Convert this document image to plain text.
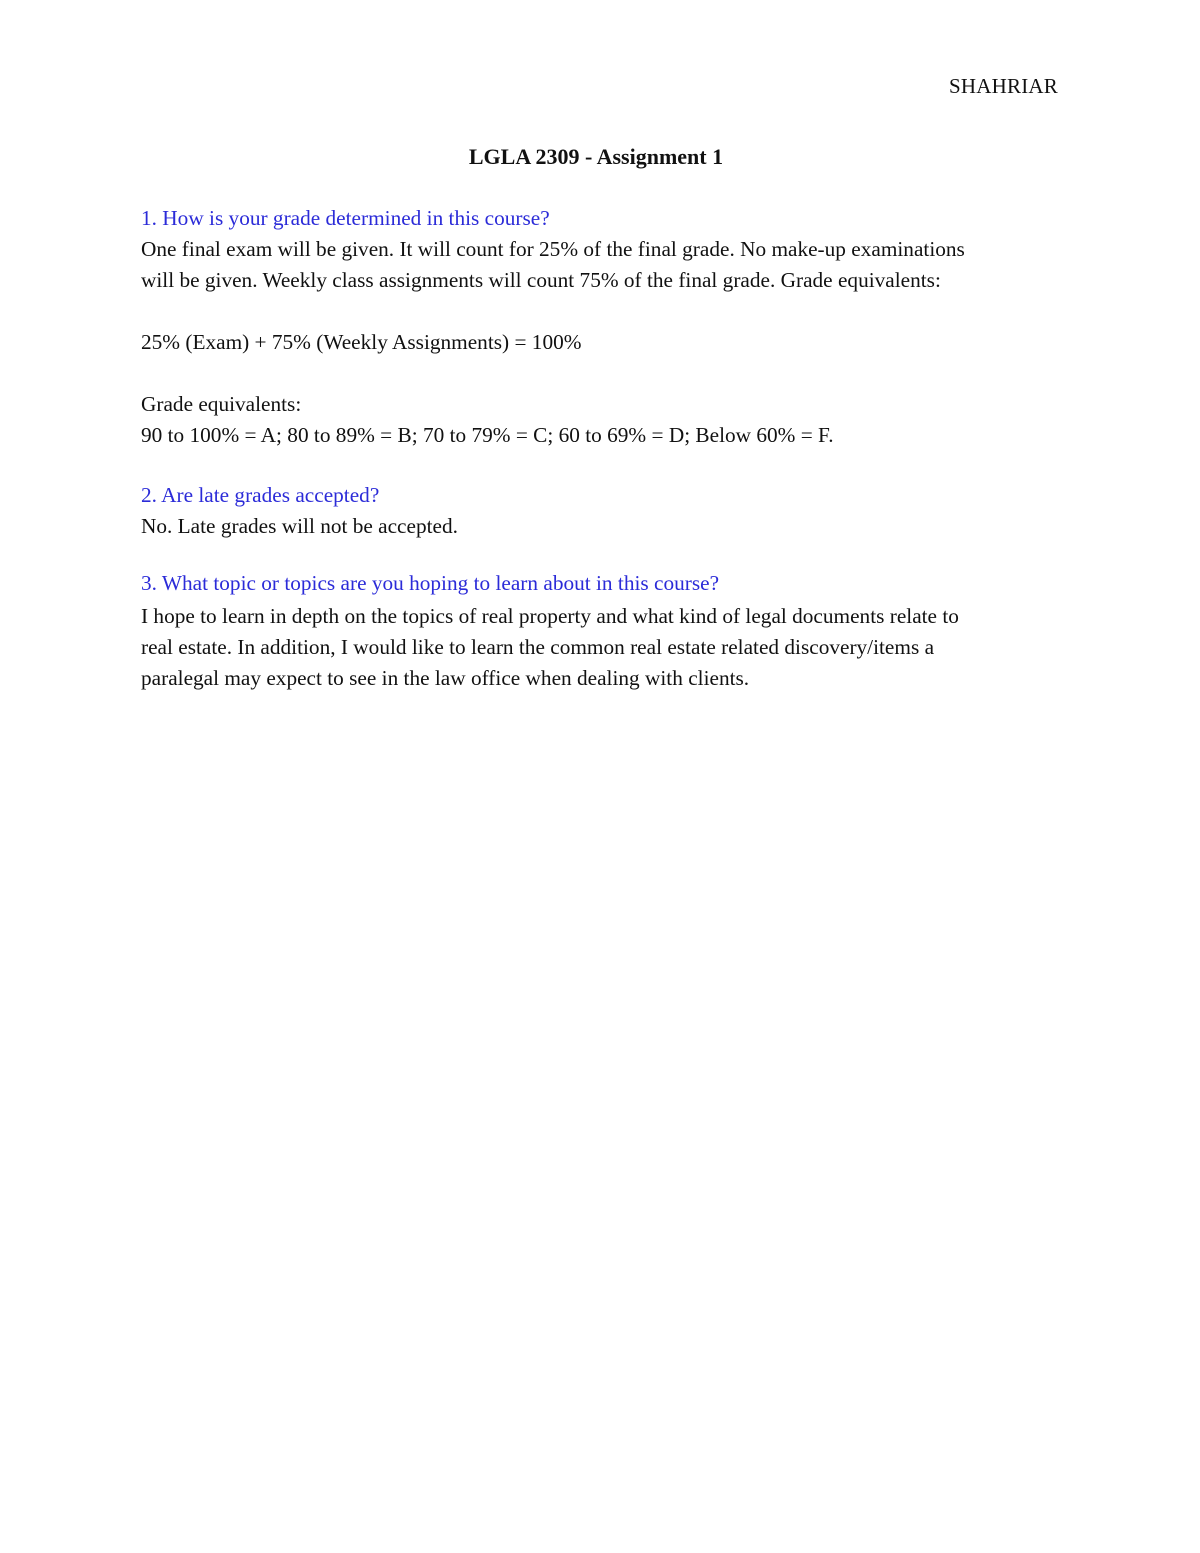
SHAHRIAR
LGLA 2309 - Assignment 1
1. How is your grade determined in this course?
One final exam will be given. It will count for 25% of the final grade. No make-up examinations
will be given. Weekly class assignments will count 75% of the final grade. Grade equivalents:
25% (Exam) + 75% (Weekly Assignments) = 100%
Grade equivalents:
90 to 100% = A; 80 to 89% = B; 70 to 79% = C; 60 to 69% = D; Below 60% = F.
2. Are late grades accepted?
No. Late grades will not be accepted.
3. What topic or topics are you hoping to learn about in this course?
I hope to learn in depth on the topics of real property and what kind of legal documents relate to
real estate. In addition, I would like to learn the common real estate related discovery/items a
paralegal may expect to see in the law office when dealing with clients.
